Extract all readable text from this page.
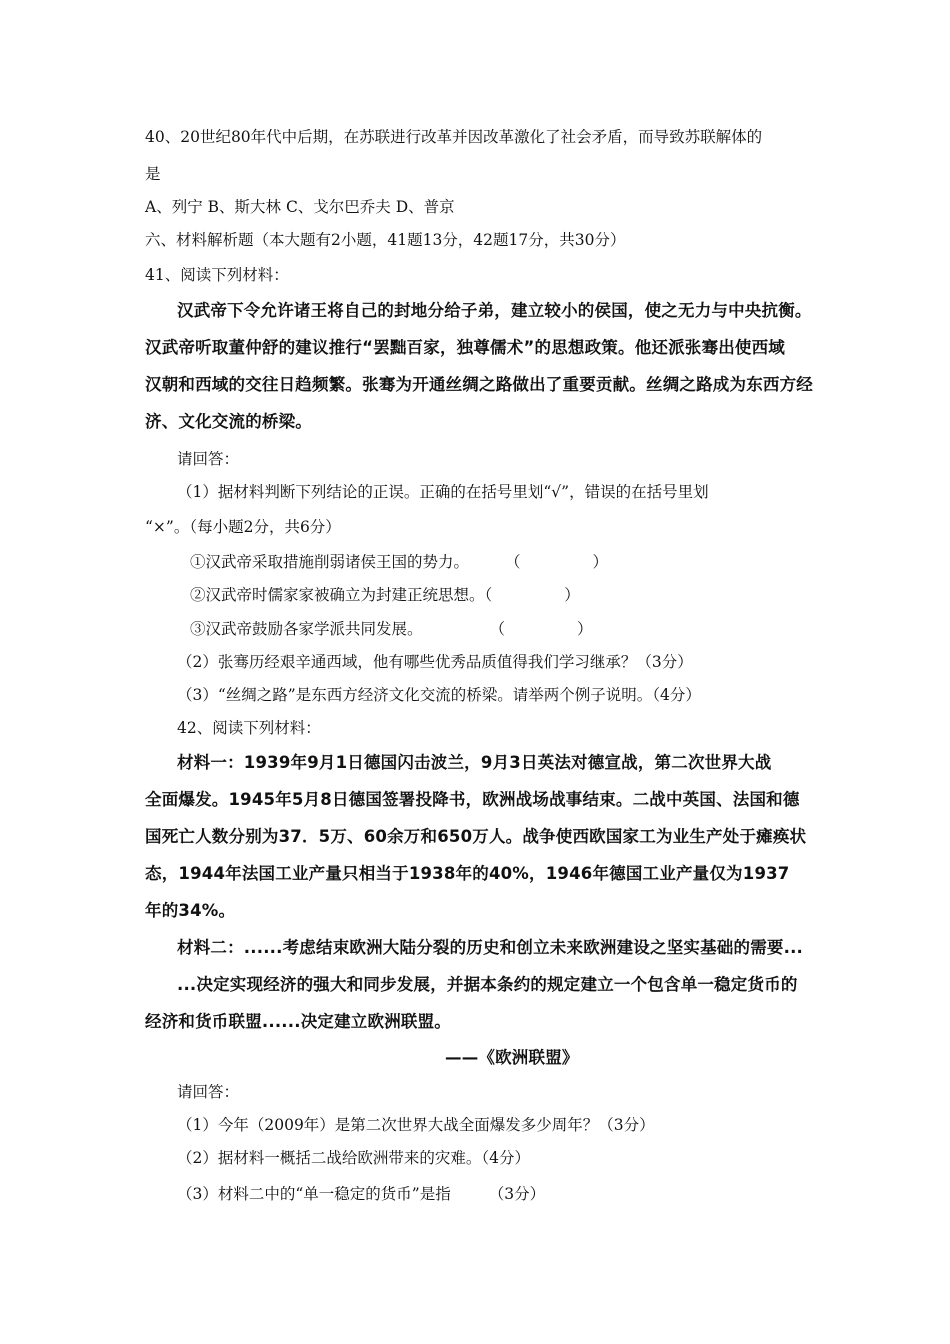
40、20世纪80年代中后期，在苏联进行改革并因改革激化了社会矛盾，而导致苏联解体的
是
A、列宁 B、斯大林 C、戈尔巴乔夫 D、普京
六、材料解析题（本大题有2小题，41题13分，42题17分，共30分）
41、阅读下列材料：
汉武帝下令允许诸王将自己的封地分给子弟，建立较小的侯国，使之无力与中央抗衡。
汉武帝听取董仲舒的建议推行“罢黜百家，独尊儒术”的思想政策。他还派张骞出使西域
汉朝和西域的交往日趋频繁。张骞为开通丝绸之路做出了重要贡献。丝绸之路成为东西方经
济、文化交流的桥梁。
请回答：
（1）据材料判断下列结论的正误。正确的在括号里划“√”，错误的在括号里划
“×”。（每小题2分，共6分）
①汉武帝采取措施削弱诸侯王国的势力。 （	）
②汉武帝时儒家家被确立为封建正统思想。（	）
③汉武帝鼓励各家学派共同发展。	（	）
（2）张骞历经艰辛通西域，他有哪些优秀品质值得我们学习继承？（3分）
（3）“丝绸之路”是东西方经济文化交流的桥梁。请举两个例子说明。（4分）
42、阅读下列材料：
材料一：1939年9月1日德国闪击波兰，9月3日英法对德宣战，第二次世界大战
全面爆发。1945年5月8日德国签署投降书，欧洲战场战事结束。二战中英国、法国和德
国死亡人数分别为37．5万、60余万和650万人。战争使西欧国家工为业生产处于瘫痪状
态，1944年法国工业产量只相当于1938年的40%，1946年德国工业产量仅为1937
年的34%。
材料二：......考虑结束欧洲大陆分裂的历史和创立未来欧洲建设之坚实基础的需要...
...决定实现经济的强大和同步发展，并据本条约的规定建立一个包含单一稳定货币的
经济和货币联盟......决定建立欧洲联盟。
——《欧洲联盟》
请回答：
（1）今年（2009年）是第二次世界大战全面爆发多少周年？（3分）
（2）据材料一概括二战给欧洲带来的灾难。（4分）
（3）材料二中的“单一稳定的货币”是指 （3分）
